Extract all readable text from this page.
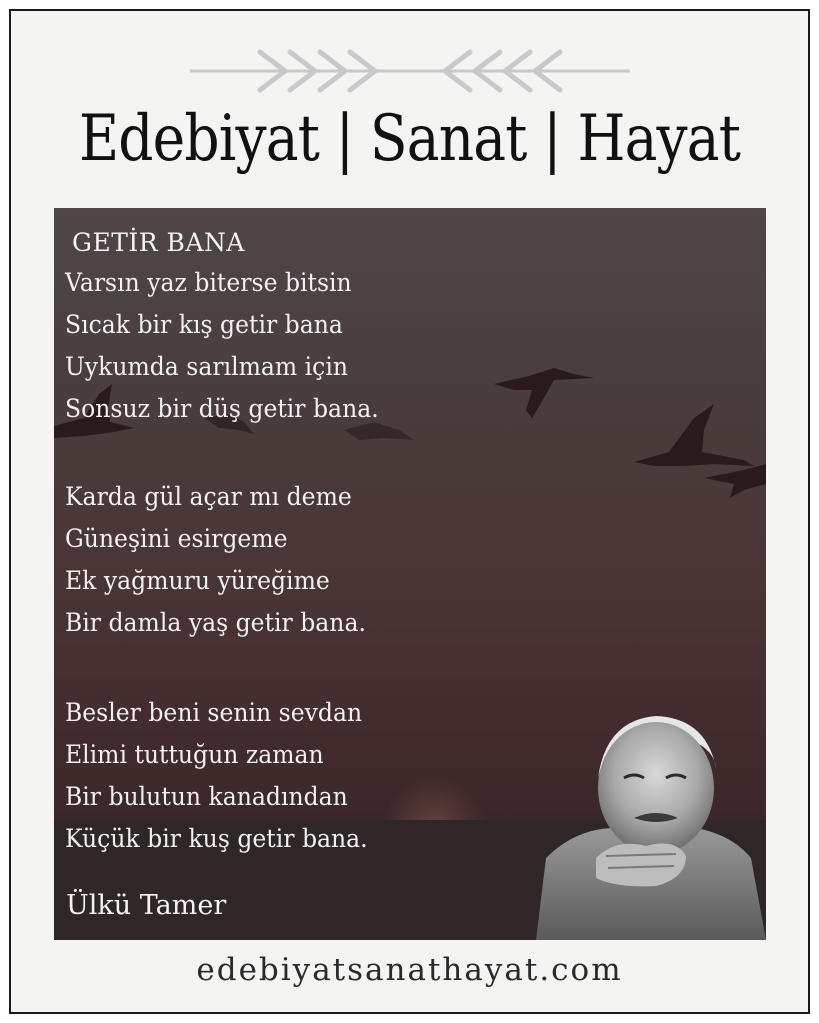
Edebiyat | Sanat | Hayat
GETİR BANA
Varsın yaz biterse bitsin
Sıcak bir kış getir bana
Uykumda sarılmam için
Sonsuz bir düş getir bana.
Karda gül açar mı deme
Güneşini esirgeme
Ek yağmuru yüreğime
Bir damla yaş getir bana.
Besler beni senin sevdan
Elimi tuttuğun zaman
Bir bulutun kanadından
Küçük bir kuş getir bana.
Ülkü Tamer
edebiyatsanathayat.com
